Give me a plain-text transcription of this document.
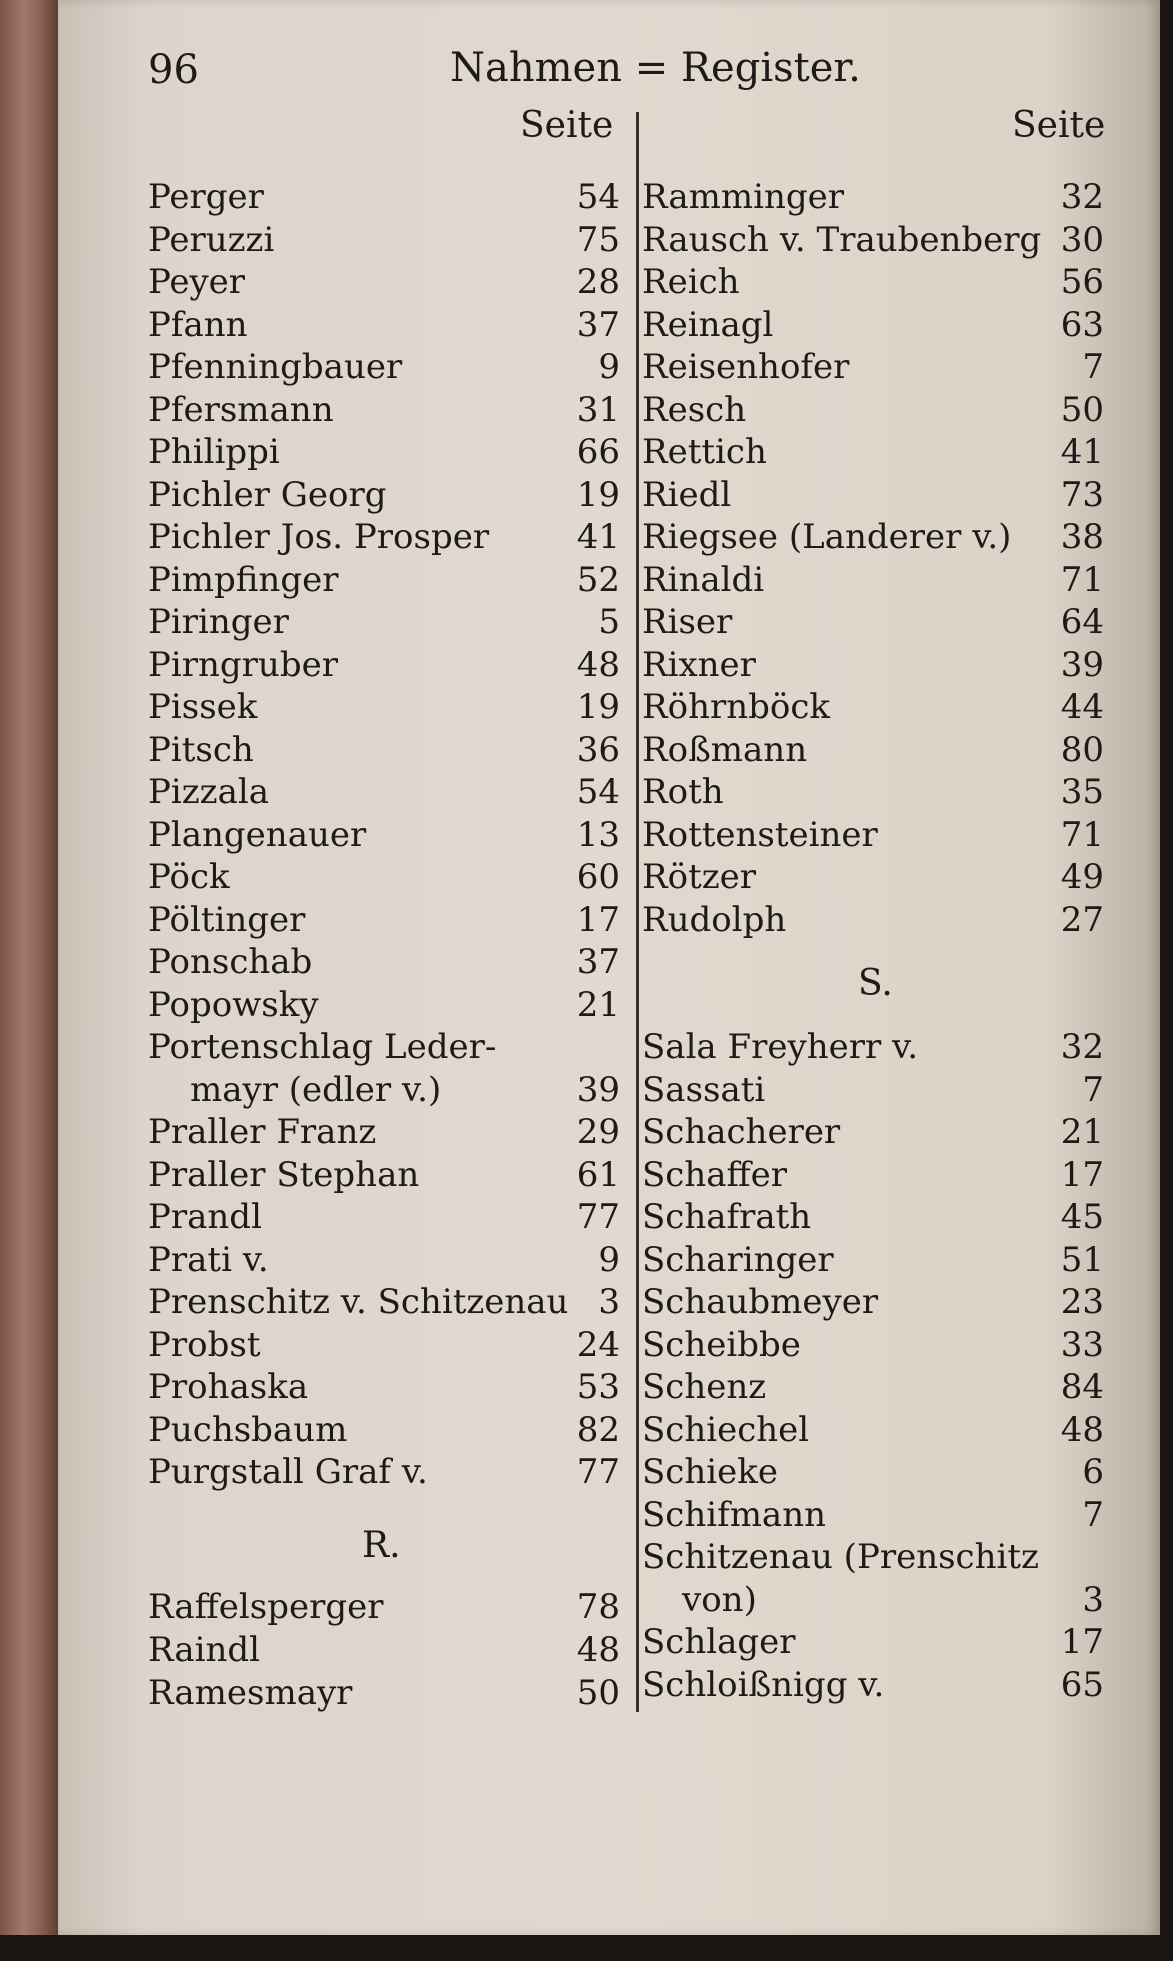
96	Nahmen = Register.
Seite	Seite
Perger	54
Peruzzi	75
Peyer	28
Pfann	37
Pfenningbauer	9
Pfersmann	31
Philippi	66
Pichler Georg	19
Pichler Jos. Prosper	41
Pimpfinger	52
Piringer	5
Pirngruber	48
Pissek	19
Pitsch	36
Pizzala	54
Plangenauer	13
Pöck	60
Pöltinger	17
Ponschab	37
Popowsky	21
Portenschlag Leder-
mayr (edler v.)	39
Praller Franz	29
Praller Stephan	61
Prandl	77
Prati v.	9
Prenschitz v. Schitzenau 3
Probst	24
Prohaska	53
Puchsbaum	82
Purgstall Graf v.	77
Raffelsperger	78
Raindl	48
Ramesmayr	50
Ramminger	32
Rausch v. Traubenberg 30
Reich	56
Reinagl	63
Reisenhofer	7
Resch	50
Rettich	41
Riedl	73
Riegsee (Landerer v.)	38
Rinaldi	71
Riser	64
Rixner	39
Röhrnböck	44
Roßmann	80
Roth	35
Rottensteiner	71
Rötzer	49
Rudolph	27
Sala Freyherr v.	32
Sassati	7
Schacherer	21
Schaffer	17
Schafrath	45
Scharinger	51
Schaubmeyer	23
Scheibbe	33
Schenz	84
Schiechel	48
Schieke	6
Schifmann	7
Schitzenau (Prenschitz
von)	3
Schlager	17
Schloißnigg v.	65
R.
S.
